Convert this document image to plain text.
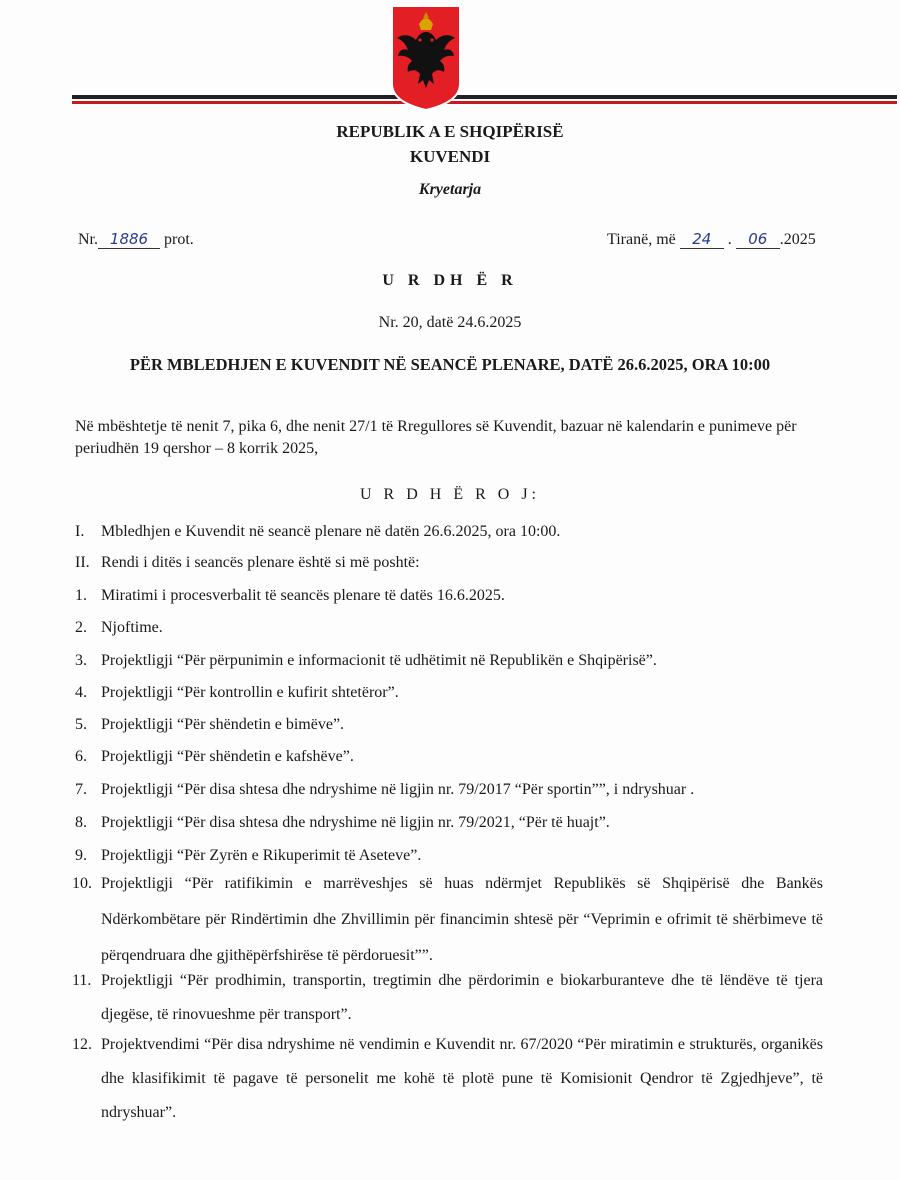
REPUBLIK A E SHQIPËRISË
KUVENDI
Kryetarja
Nr. 1886 prot.	Tiranë, më 24 . 06 .2025
U R DH Ë R
Nr. 20, datë 24.6.2025
PËR MBLEDHJEN E KUVENDIT NË SEANCË PLENARE, DATË 26.6.2025, ORA 10:00
Në mbështetje të nenit 7, pika 6, dhe nenit 27/1 të Rregullores së Kuvendit, bazuar në kalendarin e punimeve për periudhën 19 qershor – 8 korrik 2025,
U R D H Ë R O J:
I. Mbledhjen e Kuvendit në seancë plenare në datën 26.6.2025, ora 10:00.
II. Rendi i ditës i seancës plenare është si më poshtë:
1. Miratimi i procesverbalit të seancës plenare të datës 16.6.2025.
2. Njoftime.
3. Projektligji “Për përpunimin e informacionit të udhëtimit në Republikën e Shqipërisë”.
4. Projektligji “Për kontrollin e kufirit shtetëror”.
5. Projektligji “Për shëndetin e bimëve”.
6. Projektligji “Për shëndetin e kafshëve”.
7. Projektligji “Për disa shtesa dhe ndryshime në ligjin nr. 79/2017 “Për sportin””, i ndryshuar .
8. Projektligji “Për disa shtesa dhe ndryshime në ligjin nr. 79/2021, “Për të huajt”.
9. Projektligji “Për Zyrën e Rikuperimit të Aseteve”.
10. Projektligji “Për ratifikimin e marrëveshjes së huas ndërmjet Republikës së Shqipërisë dhe Bankës Ndërkombëtare për Rindërtimin dhe Zhvillimin për financimin shtesë për “Veprimin e ofrimit të shërbimeve të përqendruara dhe gjithëpërfshirëse të përdoruesit””.
11. Projektligji “Për prodhimin, transportin, tregtimin dhe përdorimin e biokarburanteve dhe të lëndëve të tjera djegëse, të rinovueshme për transport”.
12. Projektvendimi “Për disa ndryshime në vendimin e Kuvendit nr. 67/2020 “Për miratimin e strukturës, organikës dhe klasifikimit të pagave të personelit me kohë të plotë pune të Komisionit Qendror të Zgjedhjeve”, të ndryshuar”.
